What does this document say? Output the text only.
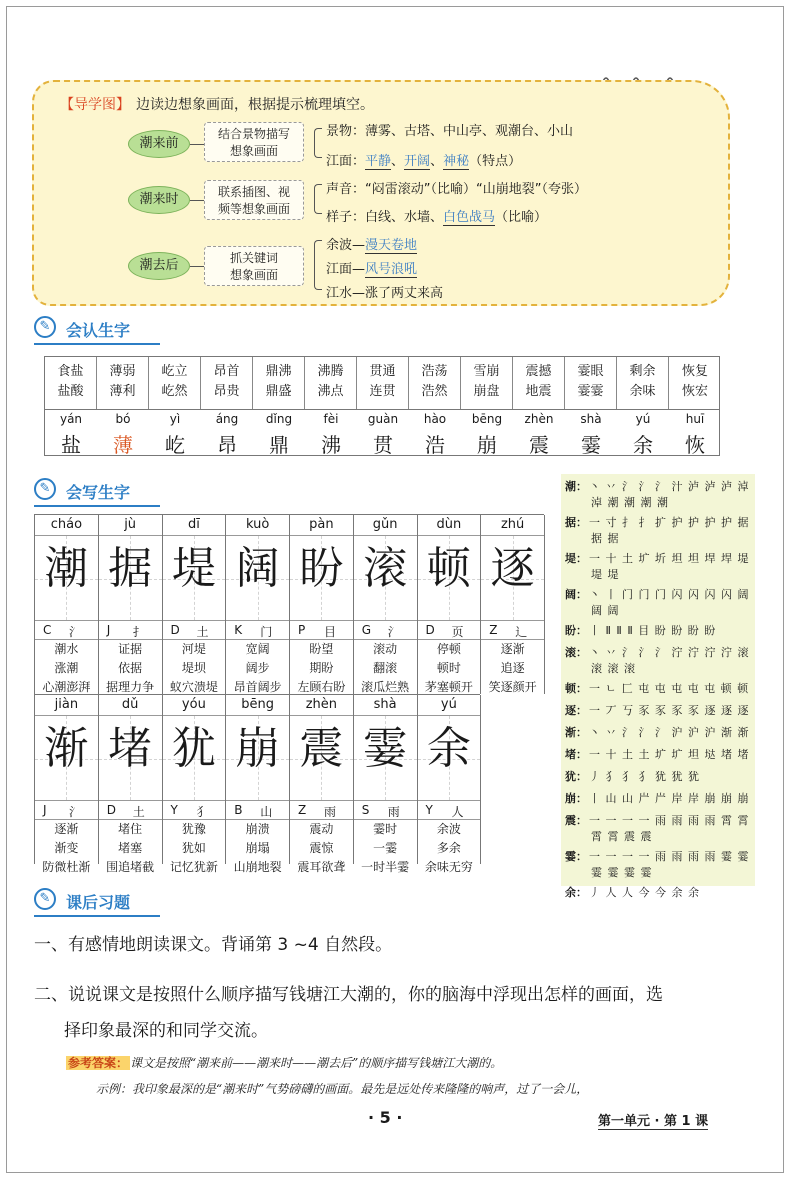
【导学图】 边读边想象画面，根据提示梳理填空。
潮来前
潮来时
潮去后
结合景物描写
想象画面
联系插图、视
频等想象画面
抓关键词
想象画面
景物：薄雾、古塔、中山亭、观潮台、小山
江面：平静、开阔、神秘（特点）
声音：“闷雷滚动”（比喻）“山崩地裂”（夸张）
样子：白线、水墙、白色战马（比喻）
余波—漫天卷地
江面—风号浪吼
江水—涨了两丈来高
✎ 会认生字
食盐
盐酸
yán
盐
薄弱
薄利
bó
薄
屹立
屹然
yì
屹
昂首
昂贵
áng
昂
鼎沸
鼎盛
dǐng
鼎
沸腾
沸点
fèi
沸
贯通
连贯
guàn
贯
浩荡
浩然
hào
浩
雪崩
崩盘
bēng
崩
震撼
地震
zhèn
震
霎眼
霎霎
shà
霎
剩余
余味
yú
余
恢复
恢宏
huī
恢
✎ 会写生字
cháo
潮
C 氵
潮水
涨潮
心潮澎湃
jù
据
J 扌
证据
依据
据理力争
dī
堤
D 土
河堤
堤坝
蚁穴溃堤
kuò
阔
K 门
宽阔
阔步
昂首阔步
pàn
盼
P 目
盼望
期盼
左顾右盼
gǔn
滚
G 氵
滚动
翻滚
滚瓜烂熟
dùn
顿
D 页
停顿
顿时
茅塞顿开
zhú
逐
Z 辶
逐渐
追逐
笑逐颜开
jiàn
渐
J 氵
逐渐
渐变
防微杜渐
dǔ
堵
D 土
堵住
堵塞
围追堵截
yóu
犹
Y 犭
犹豫
犹如
记忆犹新
bēng
崩
B 山
崩溃
崩塌
山崩地裂
zhèn
震
Z 雨
震动
震惊
震耳欲聋
shà
霎
S 雨
霎时
一霎
一时半霎
yú
余
Y 人
余波
多余
余味无穷
潮： 丶 丷 氵 氵 氵 汁 泸 泸 泸 淖
淖 潮 潮 潮 潮
据： 一 寸 扌 扌 扩 护 护 护 护 据
据 据
堤： 一 十 土 圹 圻 坦 坦 垾 垾 堤
堤 堤
阔： 丶 丨 门 门 门 闪 闪 闪 闪 阔
阔 阔
盼： 丨 Ⅱ Ⅱ Ⅱ 目 盼 盼 盼 盼
滚： 丶 丷 氵 氵 氵 泞 泞 泞 泞 滚
滚 滚 滚
顿： 一 ㄴ 匚 屯 屯 屯 屯 屯 顿 顿
逐： 一 丆 丂 豕 豕 豕 豕 逐 逐 逐
渐： 丶 丷 氵 氵 氵 沪 沪 沪 渐 渐
堵： 一 十 土 土 圹 圹 坦 垯 堵 堵
犹： 丿 犭 犭 犭 犹 犹 犹
崩： 丨 山 山 屵 屵 岸 岸 崩 崩 崩
震： 一 一 一 一 雨 雨 雨 雨 霄 霄
霄 霄 震 震
霎： 一 一 一 一 雨 雨 雨 雨 霎 霎
霎 霎 霎 霎
余： 丿 人 人 今 今 余 余
✎ 课后习题
一、有感情地朗读课文。背诵第 3 ~4 自然段。
二、说说课文是按照什么顺序描写钱塘江大潮的，你的脑海中浮现出怎样的画面，选
择印象最深的和同学交流。
参考答案： 课文是按照“潮来前——潮来时——潮去后”的顺序描写钱塘江大潮的。
示例：我印象最深的是“潮来时”气势磅礴的画面。最先是远处传来隆隆的响声，过了一会儿，
· 5 ·	第一单元 · 第 1 课
